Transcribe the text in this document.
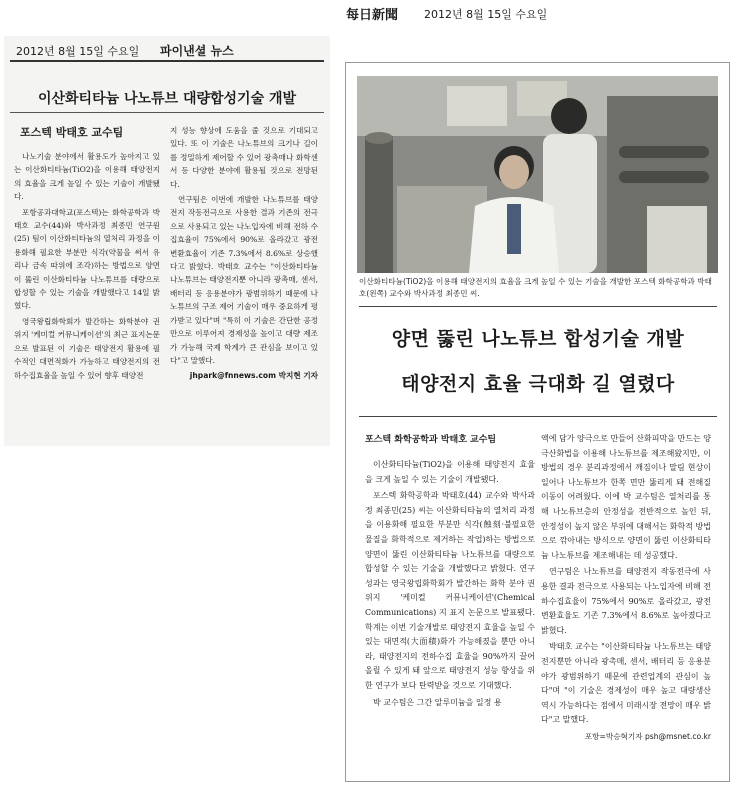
2012년 8월 15일 수요일 파이낸셜 뉴스
이산화티타늄 나노튜브 대량합성기술 개발
포스텍 박태호 교수팀

나노기술 분야에서 활용도가 높아지고 있는 이산화티타늄(TiO2)을 이용해 태양전지의 효율을 크게 높일 수 있는 기술이 개발됐다.

포항공과대학교(포스텍)는 화학공학과 박태호 교수(44)와 박사과정 최종민 연구원(25) 팀이 이산화티타늄의 열처리 과정을 이용화해 필요한 부분만 식각(약물을 써서 유리나 금속 따위에 조각)하는 방법으로 양면이 뚫린 이산화티타늄 나노튜브를 대량으로 합성할 수 있는 기술을 개발했다고 14일 밝혔다.

영국왕립화학회가 발간하는 화학분야 권위지 '케미컬 커뮤니케이션'의 최근 표지논문으로 발표된 이 기술은 태양전지 활용에 필수적인 대면적화가 가능하고 태양전지의 전하수집효율을 높일 수 있어 향후 태양전

지 성능 향상에 도움을 줄 것으로 기대되고 있다. 또 이 기술은 나노튜브의 크기나 길이를 정밀하게 제어할 수 있어 광촉매나 화학센서 등 다양한 분야에 활용될 것으로 전망된다.

연구팀은 이번에 개발한 나노튜브를 태양전지 작동전극으로 사용한 결과 기존의 전극으로 사용되고 있는 나노입자에 비해 전하 수집효율이 75%에서 90%로 올라갔고 광전 변환효율이 기존 7.3%에서 8.6%로 상승했다고 밝혔다. 박태호 교수는 "이산화티타늄 나노튜브는 태양전지뿐 아니라 광촉매, 센서, 배터리 등 응용분야가 광범위하기 때문에 나노튜브의 구조 제어 기술이 매우 중요하게 평가받고 있다"며 "특히 이 기술은 간단한 공정만으로 이루어져 경제성을 높이고 대량 제조가 가능해 국제 학계가 큰 관심을 보이고 있다"고 말했다.

jhpark@fnnews.com 박지현 기자
每日新聞 2012년 8월 15일 수요일
이산화티타늄(TiO2)을 이용해 태양전지의 효율을 크게 높일 수 있는 기술을 개발한 포스텍 화학공학과 박태호(왼쪽) 교수와 박사과정 최종민 씨.
양면 뚫린 나노튜브 합성기술 개발
태양전지 효율 극대화 길 열렸다
포스텍 화학공학과 박태호 교수팀

이산화티타늄(TiO2)을 이용해 태양전지 효율을 크게 높일 수 있는 기술이 개발됐다.

포스텍 화학공학과 박태호(44) 교수와 박사과정 최종민(25) 씨는 이산화티타늄의 열처리 과정을 이용화해 필요한 부분만 식각(蝕刻·불필요한 물질을 화학적으로 제거하는 작업)하는 방법으로 양면이 뚫린 이산화티타늄 나노튜브를 대량으로 합성할 수 있는 기술을 개발했다고 밝혔다. 연구성과는 영국왕립화학회가 발간하는 화학 분야 권위지 '케미컬 커뮤니케이션'(Chemical Communications) 지 표지 논문으로 발표됐다. 학계는 이번 기술개발로 태양전지 효율을 높일 수 있는 대면적(大面積)화가 가능해졌을 뿐만 아니라, 태양전지의 전하수집 효율을 90%까지 끌어올릴 수 있게 돼 앞으로 태양전지 성능 향상을 위한 연구가 보다 탄력받을 것으로 기대했다.

박 교수팀은 그간 알루미늄을 일정 용

액에 담가 양극으로 만들어 산화피막을 만드는 양극산화법을 이용해 나노튜브를 제조해왔지만, 이 방법의 경우 분리과정에서 깨짐이나 말림 현상이 일어나 나노튜브가 한쪽 면만 뚫리게 돼 전해질 이동이 어려웠다. 이에 박 교수팀은 열처리를 통해 나노튜브층의 안정성을 전반적으로 높인 뒤, 안정성이 높지 않은 부위에 대해서는 화학적 방법으로 깎아내는 방식으로 양면이 뚫린 이산화티타늄 나노튜브를 제조해내는 데 성공했다.

연구팀은 나노튜브를 태양전지 작동전극에 사용한 결과 전극으로 사용되는 나노입자에 비해 전하수집효율이 75%에서 90%로 올라갔고, 광전변환효율도 기존 7.3%에서 8.6%로 높아졌다고 밝혔다.

박태호 교수는 "이산화티타늄 나노튜브는 태양전지뿐만 아니라 광촉매, 센서, 배터리 등 응용분야가 광범위하기 때문에 관련업계의 관심이 높다"며 "이 기술은 경제성이 매우 높고 대량생산 역시 가능하다는 점에서 미래시장 전망이 매우 밝다"고 말했다.

포항=박승혁기자 psh@msnet.co.kr
